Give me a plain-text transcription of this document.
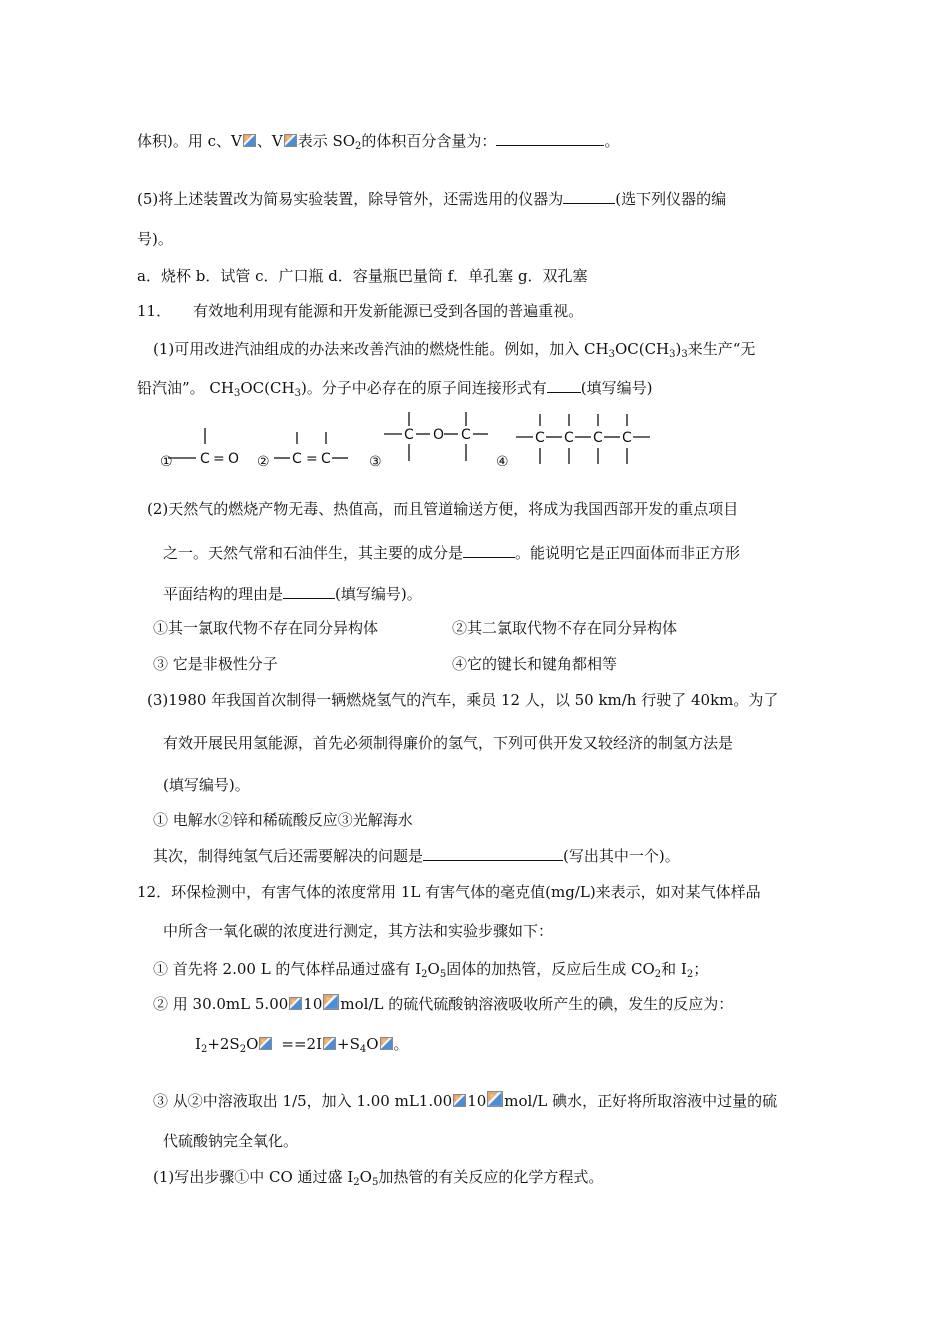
体积)。用 c、V 、V 表示 $SO_2$的体积百分含量为：	。
(5)将上述装置改为简易实验装置，除导管外，还需选用的仪器为	(选下列仪器的编
号)。
a．烧杯 b．试管 c．广口瓶 d．容量瓶巴量筒 f．单孔塞 g．双孔塞
11． 有效地利用现有能源和开发新能源已受到各国的普遍重视。
(1)可用改进汽油组成的办法来改善汽油的燃烧性能。例如，加入 $CH_3OC(CH_3)_3$来生产“无
铅汽油”。 $CH_3OC(CH_3)$。分子中必存在的原子间连接形式有 (填写编号)
① C = O ② C = C	③
C O C
④
C C C C
(2)天然气的燃烧产物无毒、热值高，而且管道输送方便，将成为我国西部开发的重点项目
之一。天然气常和石油伴生，其主要的成分是	。能说明它是正四面体而非正方形
平面结构的理由是	(填写编号)。
①其一氯取代物不存在同分异构体	②其二氯取代物不存在同分异构体
③ 它是非极性分子	④它的键长和键角都相等
(3)1980 年我国首次制得一辆燃烧氢气的汽车，乘员 12 人，以 50 km/h 行驶了 40km。为了
有效开展民用氢能源，首先必须制得廉价的氢气，下列可供开发又较经济的制氢方法是
(填写编号)。
① 电解水②锌和稀硫酸反应③光解海水
其次，制得纯氢气后还需要解决的问题是	(写出其中一个)。
12．环保检测中，有害气体的浓度常用 1L 有害气体的毫克值(mg/L)来表示，如对某气体样品
中所含一氧化碳的浓度进行测定，其方法和实验步骤如下：
① 首先将 2.00 L 的气体样品通过盛有 $I_2O_5$固体的加热管，反应后生成 $CO_2$和 $I_2$；
② 用 30.0mL 5.00 10 mol/L 的硫代硫酸钠溶液吸收所产生的碘，发生的反应为：
$I_2+2S_2O ==2I +S_4O$ 。
③ 从②中溶液取出 1/5，加入 1.00 mL1.00 10 mol/L 碘水，正好将所取溶液中过量的硫
代硫酸钠完全氧化。
(1)写出步骤①中 CO 通过盛 $I_2O_5$加热管的有关反应的化学方程式。
